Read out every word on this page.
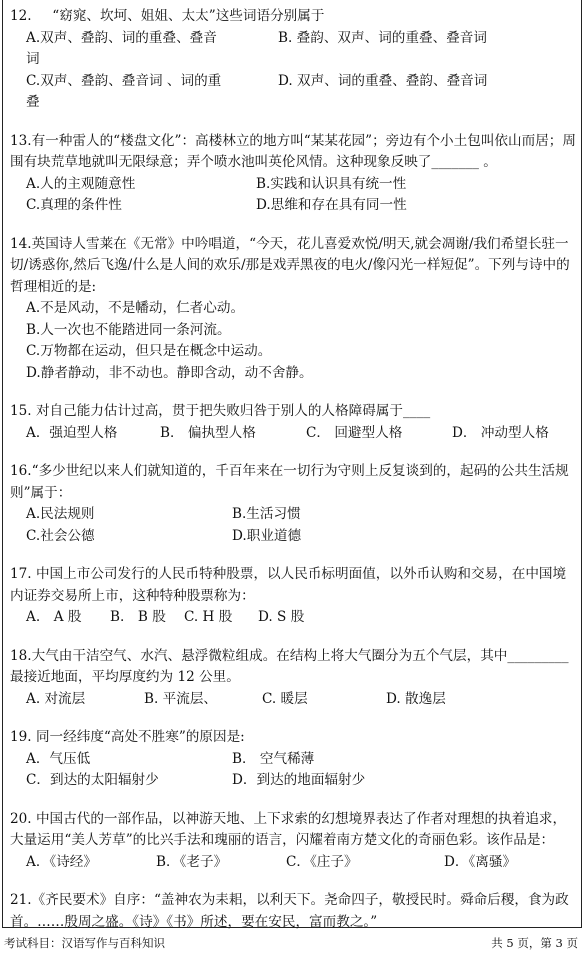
12. “窈窕、坎坷、姐姐、太太”这些词语分别属于
A.双声、叠韵、词的重叠、叠音词
B. 叠韵、双声、词的重叠、叠音词
C.双声、叠韵、叠音词 、词的重叠
D. 双声、词的重叠、叠韵、叠音词
13.有一种雷人的“楼盘文化”：高楼林立的地方叫“某某花园”；旁边有个小土包叫依山而居；周围有块荒草地就叫无限绿意；弄个喷水池叫英伦风情。这种现象反映了_______ 。
A.人的主观随意性	B.实践和认识具有统一性
C.真理的条件性	D.思维和存在具有同一性
14.英国诗人雪莱在《无常》中吟唱道，“今天，花儿喜爱欢悦/明天,就会凋谢/我们希望长驻一切/诱惑你,然后飞逸/什么是人间的欢乐/那是戏弄黑夜的电火/像闪光一样短促”。下列与诗中的哲理相近的是:
A.不是风动，不是幡动，仁者心动。
B.人一次也不能踏进同一条河流。
C.万物都在运动，但只是在概念中运动。
D.静者静动，非不动也。静即含动，动不舍静。
15. 对自己能力估计过高，贯于把失败归咎于别人的人格障碍属于____
A．强迫型人格	B． 偏执型人格	C． 回避型人格	D． 冲动型人格
16.“多少世纪以来人们就知道的，千百年来在一切行为守则上反复谈到的，起码的公共生活规则”属于：
A.民法规则	B.生活习惯
C.社会公德	D.职业道德
17. 中国上市公司发行的人民币特种股票，以人民币标明面值，以外币认购和交易，在中国境内证券交易所上市，这种特种股票称为：
A.　A 股	B.　B 股	C. H 股	D. S 股
18.大气由干洁空气、水汽、悬浮微粒组成。在结构上将大气圈分为五个气层，其中_________ 最接近地面，平均厚度约为 12 公里。
A. 对流层	B. 平流层、	C. 暖层	D. 散逸层
19. 同一经纬度“高处不胜寒”的原因是:
A．气压低	B． 空气稀薄
C．到达的太阳辐射少	D．到达的地面辐射少
20. 中国古代的一部作品，以神游天地、上下求索的幻想境界表达了作者对理想的执着追求，大量运用“美人芳草”的比兴手法和瑰丽的语言，闪耀着南方楚文化的奇丽色彩。该作品是：
A．《诗经》	B．《老子》	C．《庄子》	D．《离骚》
21.《齐民要术》自序：“盖神农为耒耜，以利天下。尧命四子，敬授民时。舜命后稷，食为政首。……殷周之盛。《诗》《书》所述，要在安民，富而教之。”
考试科目：汉语写作与百科知识	共 5 页，第 3 页
